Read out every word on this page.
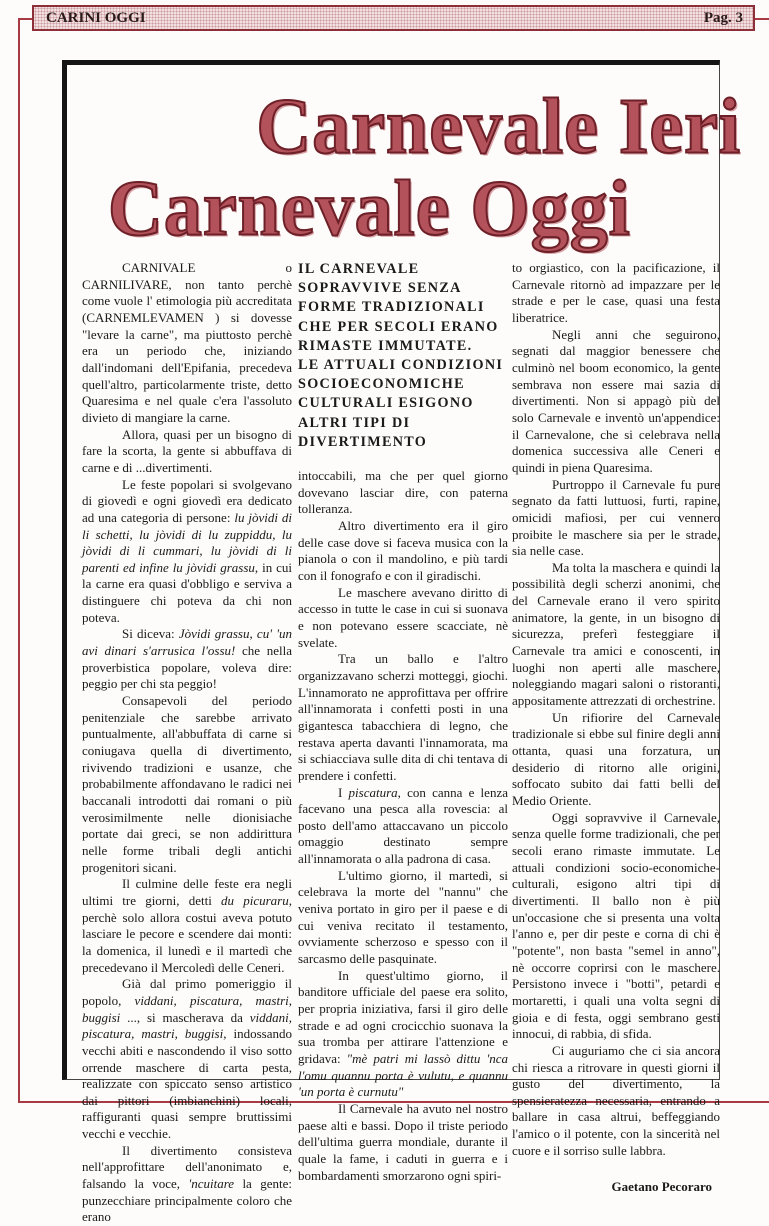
CARINI OGGI	Pag. 3
Carnevale Ieri
Carnevale Oggi

CARNIVALE o CARNILIVARE, non tanto perchè come vuole l' etimologia più accreditata (CARNEMLEVAMEN ) si dovesse "levare la carne", ma piuttosto perchè era un periodo che, iniziando dall'indomani dell'Epifania, precedeva quell'altro, particolarmente triste, detto Quaresima e nel quale c'era l'assoluto divieto di mangiare la carne.

Allora, quasi per un bisogno di fare la scorta, la gente si abbuffava di carne e di ...divertimenti.

Le feste popolari si svolgevano di giovedì e ogni giovedì era dedicato ad una categoria di persone: lu jòvidi di li schetti, lu jòvidi di lu zuppiddu, lu jòvidi di li cummari, lu jòvidi di li parenti ed infine lu jòvidi grassu, in cui la carne era quasi d'obbligo e serviva a distinguere chi poteva da chi non poteva.

Si diceva: Jòvidi grassu, cu' 'un avi dinari s'arrusica l'ossu! che nella proverbistica popolare, voleva dire: peggio per chi sta peggio!

Consapevoli del periodo penitenziale che sarebbe arrivato puntualmente, all'abbuffata di carne si coniugava quella di divertimento, rivivendo tradizioni e usanze, che probabilmente affondavano le radici nei baccanali introdotti dai romani o più verosimilmente nelle dionisiache portate dai greci, se non addirittura nelle forme tribali degli antichi progenitori sicani.

Il culmine delle feste era negli ultimi tre giorni, detti du picuraru, perchè solo allora costui aveva potuto lasciare le pecore e scendere dai monti: la domenica, il lunedì e il martedì che precedevano il Mercoledì delle Ceneri.

Già dal primo pomeriggio il popolo, viddani, piscatura, mastri, buggisi ..., si mascherava da viddani, piscatura, mastri, buggisi, indossando vecchi abiti e nascondendo il viso sotto orrende maschere di carta pesta, realizzate con spiccato senso artistico dai pittori (imbianchini) locali, raffiguranti quasi sempre bruttissimi vecchi e vecchie.

Il divertimento consisteva nell'approfittare dell'anonimato e, falsando la voce, 'ncuitare la gente: punzecchiare principalmente coloro che erano

IL CARNEVALE
SOPRAVVIVE SENZA
FORME TRADIZIONALI
CHE PER SECOLI ERANO
RIMASTE IMMUTATE.
LE ATTUALI CONDIZIONI
SOCIOECONOMICHE
CULTURALI ESIGONO
ALTRI TIPI DI
DIVERTIMENTO

intoccabili, ma che per quel giorno dovevano lasciar dire, con paterna tolleranza.

Altro divertimento era il giro delle case dove si faceva musica con la pianola o con il mandolino, e più tardi con il fonografo e con il giradischi.

Le maschere avevano diritto di accesso in tutte le case in cui si suonava e non potevano essere scacciate, nè svelate.

Tra un ballo e l'altro organizzavano scherzi motteggi, giochi. L'innamorato ne approfittava per offrire all'innamorata i confetti posti in una gigantesca tabacchiera di legno, che restava aperta davanti l'innamorata, ma si schiacciava sulle dita di chi tentava di prendere i confetti.

I piscatura, con canna e lenza facevano una pesca alla rovescia: al posto dell'amo attaccavano un piccolo omaggio destinato sempre all'innamorata o alla padrona di casa.

L'ultimo giorno, il martedì, si celebrava la morte del "nannu" che veniva portato in giro per il paese e di cui veniva recitato il testamento, ovviamente scherzoso e spesso con il sarcasmo delle pasquinate.

In quest'ultimo giorno, il banditore ufficiale del paese era solito, per propria iniziativa, farsi il giro delle strade e ad ogni crocicchio suonava la sua tromba per attirare l'attenzione e gridava: "mè patri mi lassò dittu 'nca l'omu quannu porta è vulutu, e quannu 'un porta è curnutu"

Il Carnevale ha avuto nel nostro paese alti e bassi. Dopo il triste periodo dell'ultima guerra mondiale, durante il quale la fame, i caduti in guerra e i bombardamenti smorzarono ogni spiri-

to orgiastico, con la pacificazione, il Carnevale ritornò ad impazzare per le strade e per le case, quasi una festa liberatrice.

Negli anni che seguirono, segnati dal maggior benessere che culminò nel boom economico, la gente sembrava non essere mai sazia di divertimenti. Non si appagò più del solo Carnevale e inventò un'appendice: il Carnevalone, che si celebrava nella domenica successiva alle Ceneri e quindi in piena Quaresima.

Purtroppo il Carnevale fu pure segnato da fatti luttuosi, furti, rapine, omicidi mafiosi, per cui vennero proibite le maschere sia per le strade, sia nelle case.

Ma tolta la maschera e quindi la possibilità degli scherzi anonimi, che del Carnevale erano il vero spirito animatore, la gente, in un bisogno di sicurezza, preferì festeggiare il Carnevale tra amici e conoscenti, in luoghi non aperti alle maschere, noleggiando magari saloni o ristoranti, appositamente attrezzati di orchestrine.

Un rifiorire del Carnevale tradizionale si ebbe sul finire degli anni ottanta, quasi una forzatura, un desiderio di ritorno alle origini, soffocato subito dai fatti belli del Medio Oriente.

Oggi sopravvive il Carnevale, senza quelle forme tradizionali, che per secoli erano rimaste immutate. Le attuali condizioni socio-economiche-culturali, esigono altri tipi di divertimenti. Il ballo non è più un'occasione che si presenta una volta l'anno e, per dir peste e corna di chi è "potente", non basta "semel in anno", nè occorre coprirsi con le maschere. Persistono invece i "botti", petardi e mortaretti, i quali una volta segni di gioia e di festa, oggi sembrano gesti innocui, di rabbia, di sfida.

Ci auguriamo che ci sia ancora chi riesca a ritrovare in questi giorni il gusto del divertimento, la spensieratezza necessaria, entrando a ballare in casa altrui, beffeggiando l'amico o il potente, con la sincerità nel cuore e il sorriso sulle labbra.

Gaetano Pecoraro
